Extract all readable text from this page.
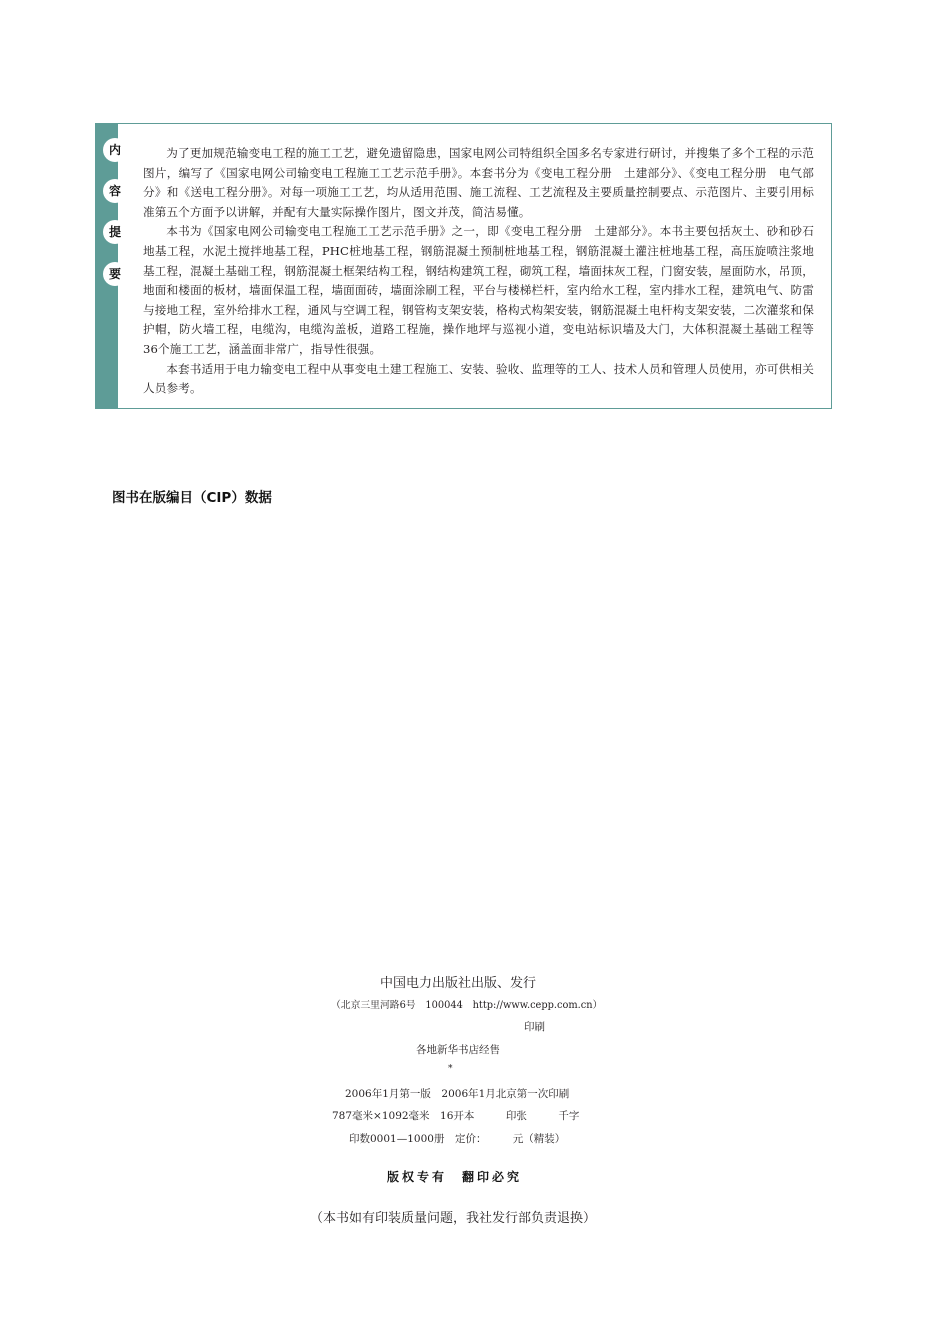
内
容
提
要

为了更加规范输变电工程的施工工艺，避免遗留隐患，国家电网公司特组织全国多名专家进行研讨，并搜集了多个工程的示范图片，编写了《国家电网公司输变电工程施工工艺示范手册》。本套书分为《变电工程分册　土建部分》、《变电工程分册　电气部分》和《送电工程分册》。对每一项施工工艺，均从适用范围、施工流程、工艺流程及主要质量控制要点、示范图片、主要引用标准第五个方面予以讲解，并配有大量实际操作图片，图文并茂，简洁易懂。

本书为《国家电网公司输变电工程施工工艺示范手册》之一，即《变电工程分册　土建部分》。本书主要包括灰土、砂和砂石地基工程，水泥土搅拌地基工程，PHC桩地基工程，钢筋混凝土预制桩地基工程，钢筋混凝土灌注桩地基工程，高压旋喷注浆地基工程，混凝土基础工程，钢筋混凝土框架结构工程，钢结构建筑工程，砌筑工程，墙面抹灰工程，门窗安装，屋面防水，吊顶，地面和楼面的板材，墙面保温工程，墙面面砖，墙面涂刷工程，平台与楼梯栏杆，室内给水工程，室内排水工程，建筑电气、防雷与接地工程，室外给排水工程，通风与空调工程，钢管构支架安装，格构式构架安装，钢筋混凝土电杆构支架安装，二次灌浆和保护帽，防火墙工程，电缆沟，电缆沟盖板，道路工程施，操作地坪与巡视小道，变电站标识墙及大门，大体积混凝土基础工程等36个施工工艺，涵盖面非常广，指导性很强。

本套书适用于电力输变电工程中从事变电土建工程施工、安装、验收、监理等的工人、技术人员和管理人员使用，亦可供相关人员参考。

图书在版编目（CIP）数据
中国电力出版社出版、发行
（北京三里河路6号　100044　http://www.cepp.com.cn）
印刷
各地新华书店经售
*
2006年1月第一版　2006年1月北京第一次印刷
787毫米×1092毫米　16开本　　　印张　　　千字
印数0001—1000册　定价：　　　元（精装）
版权专有　翻印必究
（本书如有印装质量问题，我社发行部负责退换）
